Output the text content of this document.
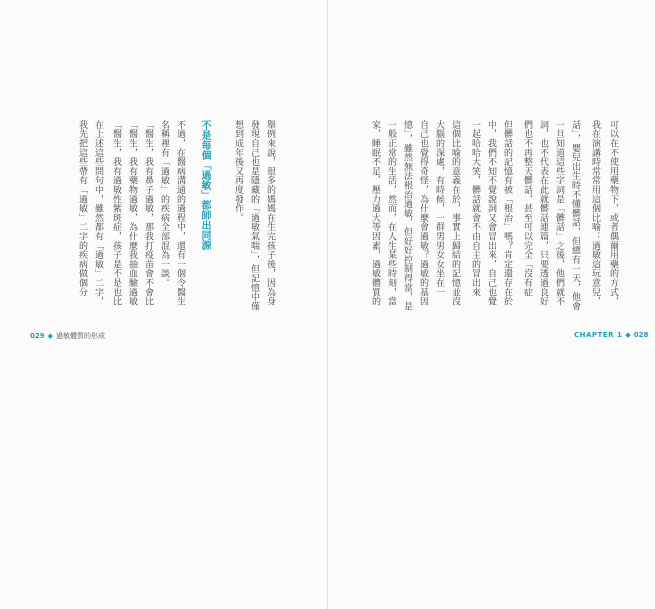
我先把這些帶有「過敏」二字的疾病做個分
在上述這些問句中，雖然都有「過敏」二字，
「醫生，我有過敏性紫斑症，孩子是不是也比
「醫生，我有藥物過敏，為什麼我抽血驗過敏
「醫生，我有鼻子過敏，那我打疫苗會不會比
名稱裡有「過敏」的疾病全部混為一談。 不過，在醫病溝通的過程中，還有一個令醫生
不是每個「過敏」都師出同源	想到成年後又再度發作。 發現自己也是隱藏的「過敏氣喘」，但記憶中僅
舉例來說，很多的媽媽在生完孩子後，因為身
029 ◆ 過敏體質的形成
家，睡眠不足、壓力過大等因素，過敏體質的
一般正常的生活，然而，在人生某些時刻，當
憶」，雖然無法根治過敏，但好好控制得當，是
自己也覺得奇怪，為什麼會過敏？過敏的基因
大腦的深處，有時候，一群男男女女坐在一
這個比喻的意義在於，事實上歸結的記憶並沒
一起哈哈大笑，髒話就會不由自主的冒出來
中，我們不知不覺說詞又會冒出來，自己也覺
但髒話的記憶有被「根治」嗎？肯定還存在於
們也不再整天髒話，甚至可以完全「沒有症
詞，也不代表在此就髒話連篇，只要透過良好
一旦知道這些字詞是「髒話」之後，他們就不
話」，嬰兒出生時不懂髒話，但總有一天，他會
我在演講時常常用這個比喻：過敏這玩意兒，
可以在不使用藥物下，或者偶爾用藥的方式，
CHAPTER 1 ◆ 028
